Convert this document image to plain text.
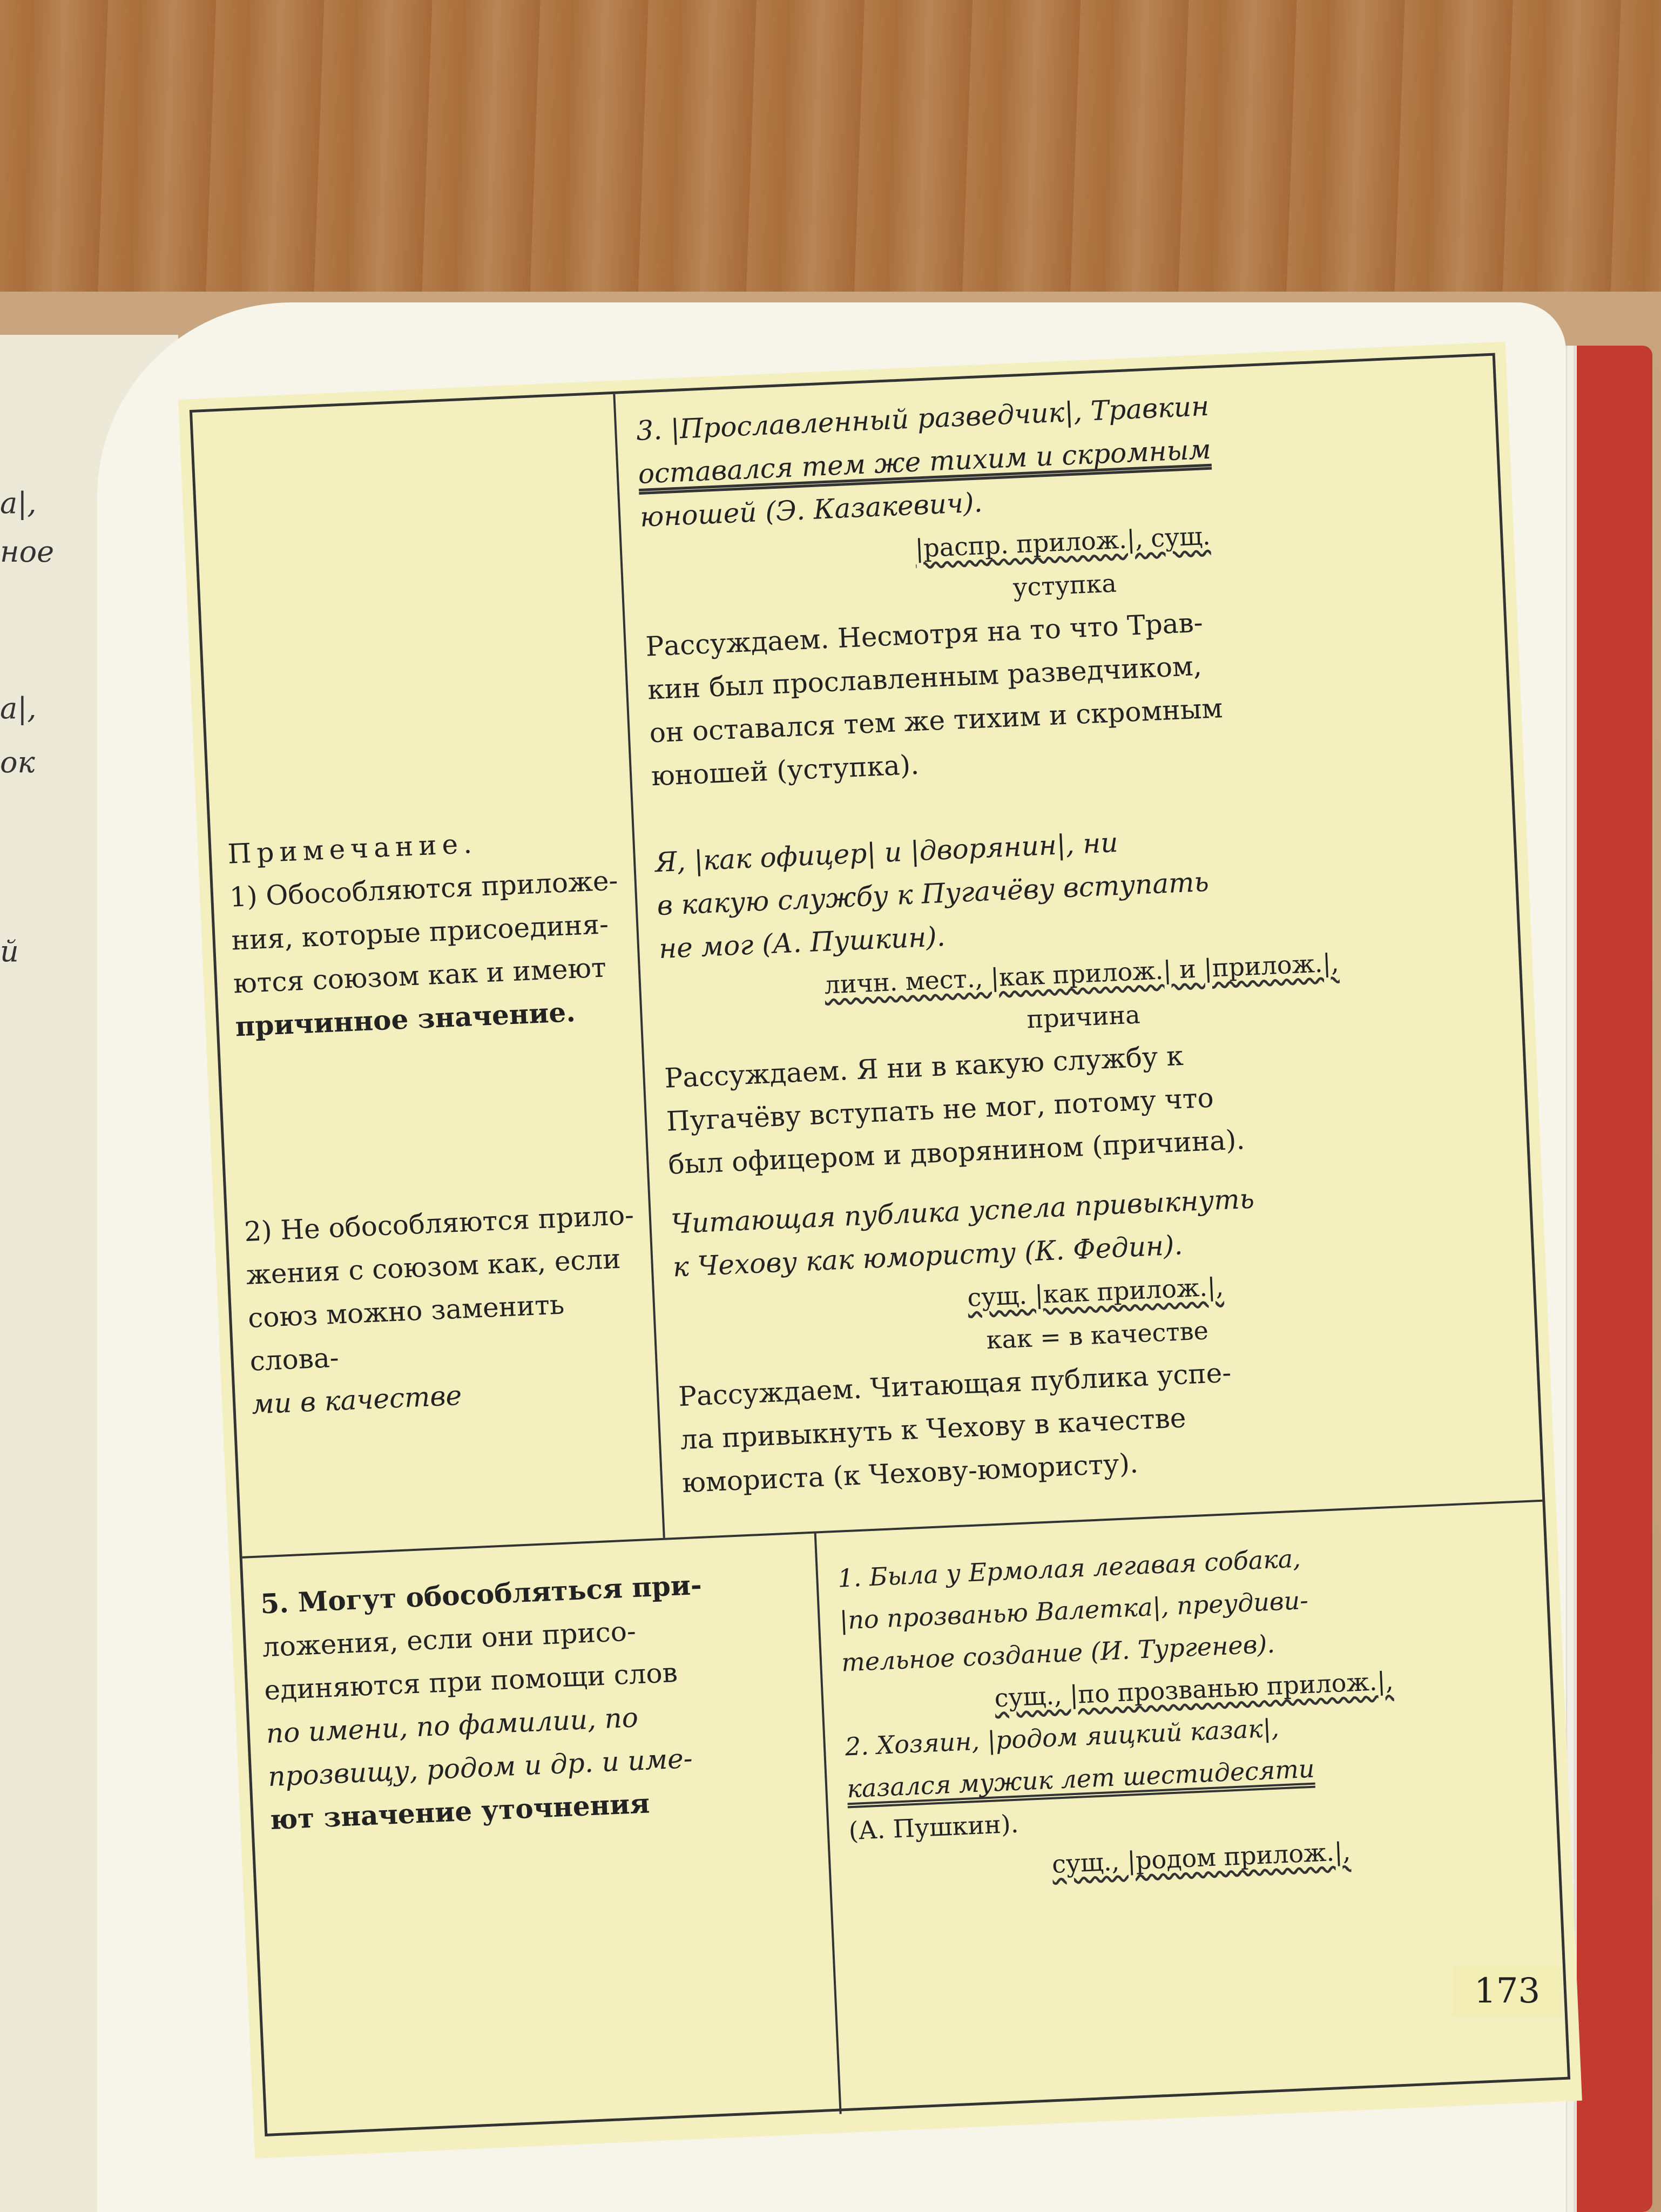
а|,
ное
а|,
ок
й

Примечание.

1) Обособляются приложе-

ния, которые присоединя-

ются союзом как и имеют

причинное значение.

2) Не обособляются прило-

жения с союзом как, если

союз можно заменить слова-

ми в качестве

5. Могут обособляться при-

ложения, если они присо-

единяются при помощи слов

по имени, по фамилии, по

прозвищу, родом и др. и име-

ют значение уточнения

3. |Прославленный разведчик|, Травкин

оставался тем же тихим и скромным

юношей (Э. Казакевич).

|распр. прилож.|, сущ.

уступка

Рассуждаем. Несмотря на то что Трав-

кин был прославленным разведчиком,

он оставался тем же тихим и скромным

юношей (уступка).

Я, |как офицер| и |дворянин|, ни

в какую службу к Пугачёву вступать

не мог (А. Пушкин).

личн. мест., |как прилож.| и |прилож.|,

причина

Рассуждаем. Я ни в какую службу к

Пугачёву вступать не мог, потому что

был офицером и дворянином (причина).

Читающая публика успела привыкнуть

к Чехову как юмористу (К. Федин).

сущ. |как прилож.|,

как = в качестве

Рассуждаем. Читающая публика успе-

ла привыкнуть к Чехову в качестве

юмориста (к Чехову-юмористу).

1. Была у Ермолая легавая собака,

|по прозванью Валетка|, преудиви-

тельное создание (И. Тургенев).

сущ., |по прозванью прилож.|,

2. Хозяин, |родом яицкий казак|,

казался мужик лет шестидесяти

(А. Пушкин).

сущ., |родом прилож.|,

173
